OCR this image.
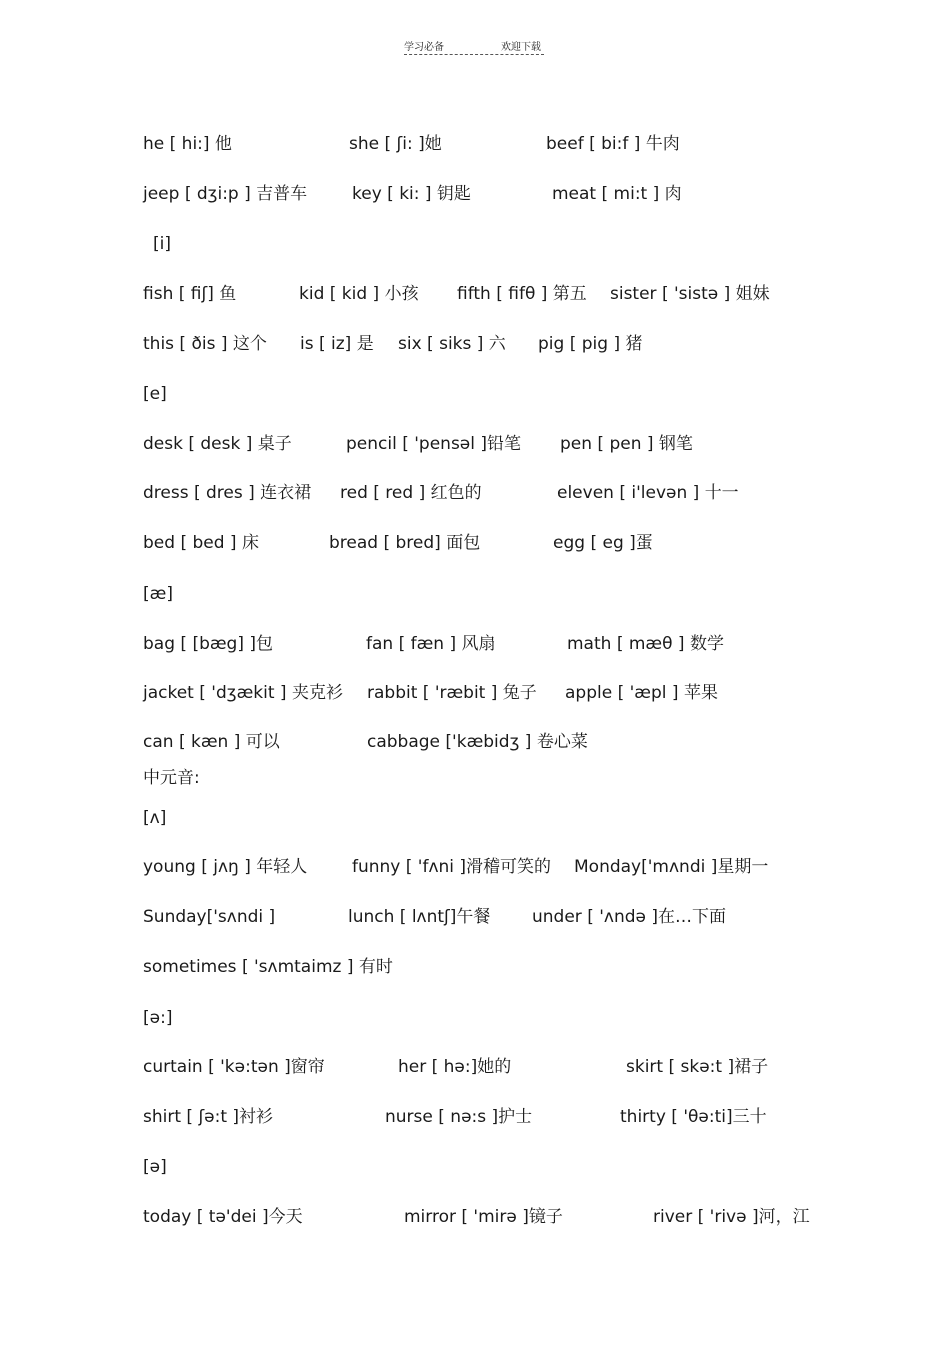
学习必备	欢迎下载
he [ hi:] 他	she [ ʃi: ]她	beef [ bi:f ] 牛肉
jeep [ dʒi:p ] 吉普车	key [ ki: ] 钥匙	meat [ mi:t ] 肉
[i]
fish [ fiʃ] 鱼	kid [ kid ] 小孩 fifth [ fifθ ] 第五 sister [ 'sistə ] 姐妹
this [ ðis ] 这个 is [ iz] 是 six [ siks ] 六 pig [ pig ] 猪
[e]
desk [ desk ] 桌子	pencil [ 'pensəl ]铅笔 pen [ pen ] 钢笔
dress [ dres ] 连衣裙 red [ red ] 红色的	eleven [ i'levən ] 十一
bed [ bed ] 床	bread [ bred] 面包	egg [ eg ]蛋
[æ]
bag [ [bæg] ]包	fan [ fæn ] 风扇	math [ mæθ ] 数学
jacket [ 'dʒækit ] 夹克衫 rabbit [ 'ræbit ] 兔子 apple [ 'æpl ] 苹果
can [ kæn ] 可以	cabbage ['kæbidʒ ] 卷心菜
中元音:
[ʌ]
young [ jʌŋ ] 年轻人	funny [ 'fʌni ]滑稽可笑的 Monday['mʌndi ]星期一
Sunday['sʌndi ]	lunch [ lʌntʃ]午餐 under [ 'ʌndə ]在…下面
sometimes [ 'sʌmtaimz ] 有时
[ə:]
curtain [ 'kə:tən ]窗帘	her [ hə:]她的	skirt [ skə:t ]裙子
shirt [ ʃə:t ]衬衫	nurse [ nə:s ]护士	thirty [ 'θə:ti]三十
[ə]
today [ tə'dei ]今天	mirror [ 'mirə ]镜子	river [ 'rivə ]河，江
